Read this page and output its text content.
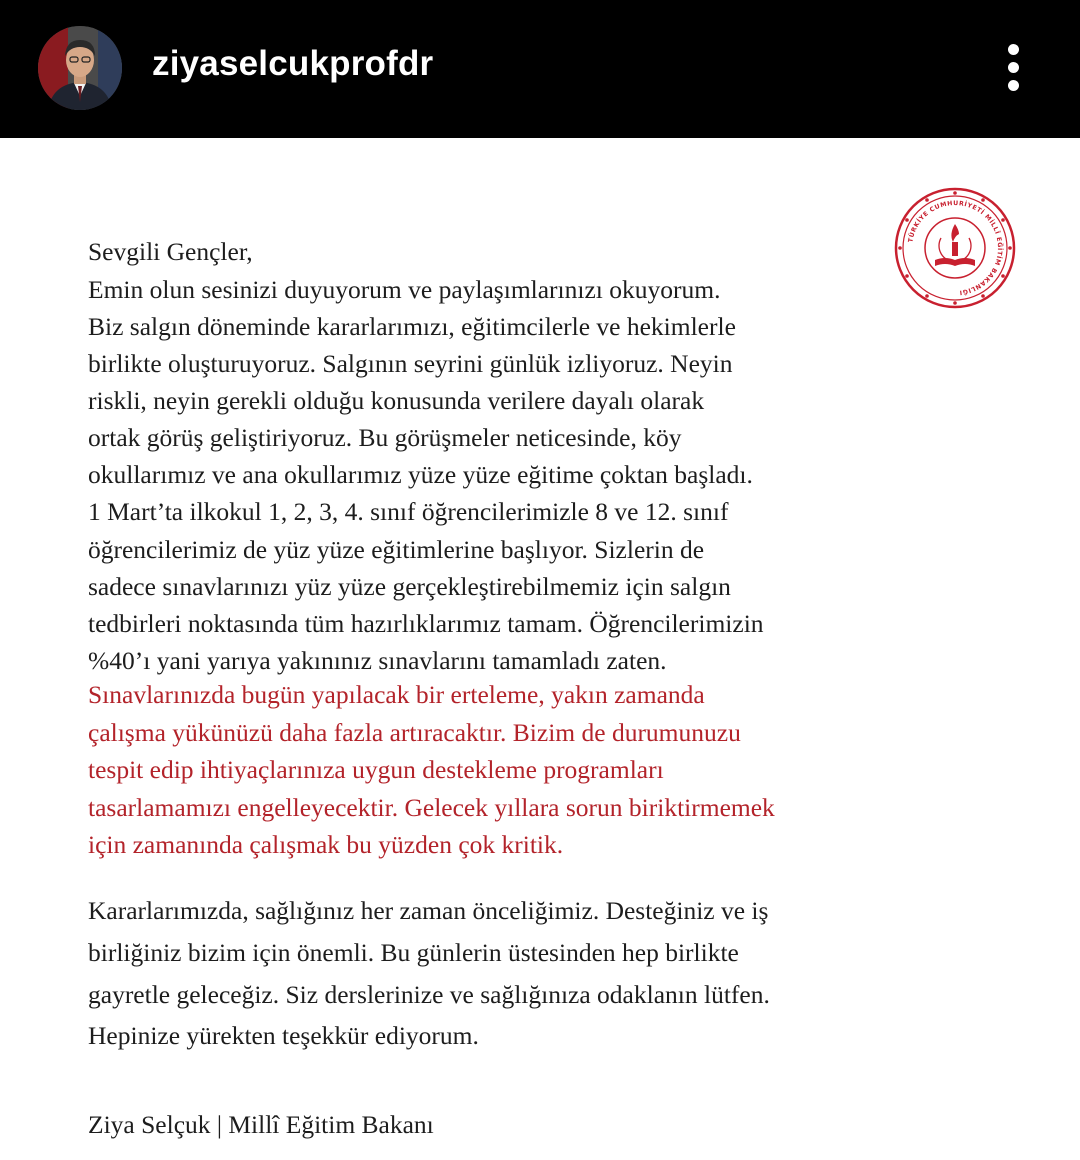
ziyaselcukprofdr
TÜRKİYE CUMHURİYETİ MİLLÎ EĞİTİM BAKANLIĞI
Sevgili Gençler,
Emin olun sesinizi duyuyorum ve paylaşımlarınızı okuyorum.
Biz salgın döneminde kararlarımızı, eğitimcilerle ve hekimlerle
birlikte oluşturuyoruz. Salgının seyrini günlük izliyoruz. Neyin
riskli, neyin gerekli olduğu konusunda verilere dayalı olarak
ortak görüş geliştiriyoruz. Bu görüşmeler neticesinde, köy
okullarımız ve ana okullarımız yüze yüze eğitime çoktan başladı.
1 Mart’ta ilkokul 1, 2, 3, 4. sınıf öğrencilerimizle 8 ve 12. sınıf
öğrencilerimiz de yüz yüze eğitimlerine başlıyor. Sizlerin de
sadece sınavlarınızı yüz yüze gerçekleştirebilmemiz için salgın
tedbirleri noktasında tüm hazırlıklarımız tamam. Öğrencilerimizin
%40’ı yani yarıya yakınınız sınavlarını tamamladı zaten.
Sınavlarınızda bugün yapılacak bir erteleme, yakın zamanda
çalışma yükünüzü daha fazla artıracaktır. Bizim de durumunuzu
tespit edip ihtiyaçlarınıza uygun destekleme programları
tasarlamamızı engelleyecektir. Gelecek yıllara sorun biriktirmemek
için zamanında çalışmak bu yüzden çok kritik.
Kararlarımızda, sağlığınız her zaman önceliğimiz. Desteğiniz ve iş
birliğiniz bizim için önemli. Bu günlerin üstesinden hep birlikte
gayretle geleceğiz. Siz derslerinize ve sağlığınıza odaklanın lütfen.
Hepinize yürekten teşekkür ediyorum.
Ziya Selçuk | Millî Eğitim Bakanı
